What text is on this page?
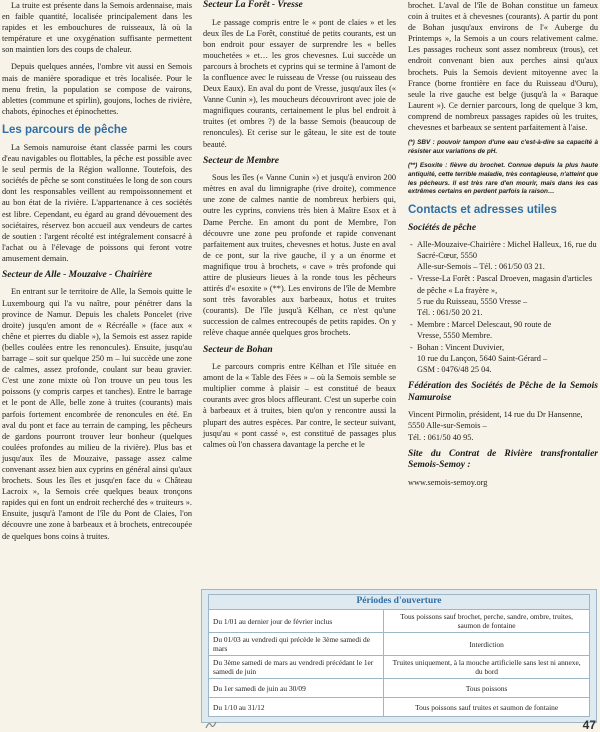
La truite est présente dans la Semois ardennaise, mais en faible quantité, localisée principalement dans les rapides et les embouchures de ruisseaux, là où la température et une oxygénation suffisante permettent son maintien lors des coups de chaleur.

Depuis quelques années, l'ombre vit aussi en Semois mais de manière sporadique et très localisée. Pour le menu fretin, la population se compose de vairons, ablettes (commune et spirlin), goujons, loches de rivière, chabots, épinoches et épinochettes.

Les parcours de pêche

La Semois namuroise étant classée parmi les cours d'eau navigables ou flottables, la pêche est possible avec le seul permis de la Région wallonne. Toutefois, des sociétés de pêche se sont constituées le long de son cours dont les responsables veillent au rempoissonnement et au bon état de la rivière. L'appartenance à ces sociétés est libre. Cependant, eu égard au grand dévouement des sociétaires, réservez bon accueil aux vendeurs de cartes de soutien : l'argent récolté est intégralement consacré à l'achat ou à l'élevage de poissons qui feront votre amusement demain.

Secteur de Alle - Mouzaive - Chairière

En entrant sur le territoire de Alle, la Semois quitte le Luxembourg qui l'a vu naître, pour pénétrer dans la province de Namur. Depuis les chalets Poncelet (rive droite) jusqu'en amont de « Récréalle » (face aux « chêne et pierres du diable »), la Semois est assez rapide (belles coulées entre les renoncules). Ensuite, jusqu'au barrage – soit sur quelque 250 m – lui succède une zone de calmes, assez profonde, coulant sur beau gravier. C'est une zone mixte où l'on trouve un peu tous les poissons (y compris carpes et tanches). Entre le barrage et le pont de Alle, belle zone à truites (courants) mais parfois fortement encombrée de renoncules en été. En aval du pont et face au terrain de camping, les pêcheurs de gardons pourront trouver leur bonheur (quelques coulées profondes au milieu de la rivière). Plus bas et jusqu'aux îles de Mouzaive, passage assez calme convenant assez bien aux cyprins en général ainsi qu'aux brochets. Sous les îles et jusqu'en face du « Château Lacroix », la Semois crée quelques beaux tronçons rapides qui en font un endroit recherché des « truiteurs ». Ensuite, jusqu'à l'amont de l'île du Pont de Claies, l'on découvre une zone à barbeaux et à brochets, entrecoupée de quelques bons coins à truites.

Secteur La Forêt - Vresse

Le passage compris entre le « pont de claies » et les deux îles de La Forêt, constitué de petits courants, est un bon endroit pour essayer de surprendre les « belles mouchetées » et… les gros chevesnes. Lui succède un parcours à brochets et cyprins qui se termine à l'amont de la confluence avec le ruisseau de Vresse (ou ruisseau des Deux Eaux). En aval du pont de Vresse, jusqu'aux îles (« Vanne Cunin »), les moucheurs découvriront avec joie de magnifiques courants, certainement le plus bel endroit à truites (et ombres ?) de la basse Semois (beaucoup de renoncules). Et cerise sur le gâteau, le site est de toute beauté.

Secteur de Membre

Sous les îles (« Vanne Cunin ») et jusqu'à environ 200 mètres en aval du limnigraphe (rive droite), commence une zone de calmes nantie de nombreux herbiers qui, outre les cyprins, conviens très bien à Maître Esox et à Dame Perche. En amont du pont de Membre, l'on découvre une zone peu profonde et rapide convenant parfaitement aux truites, chevesnes et hotus. Juste en aval de ce pont, sur la rive gauche, il y a un énorme et magnifique trou à brochets, « cave » très profonde qui attire de plusieurs lieues à la ronde tous les pêcheurs attirés d'« esoxite » (**). Les environs de l'île de Membre sont très favorables aux barbeaux, hotus et truites (courants). De l'île jusqu'à Kélhan, ce n'est qu'une succession de calmes entrecoupés de petits rapides. On y relève chaque année quelques gros brochets.

Secteur de Bohan

Le parcours compris entre Kélhan et l'île située en amont de la « Table des Fées » – où la Semois semble se multiplier comme à plaisir – est constitué de beaux courants avec gros blocs affleurant. C'est un superbe coin à barbeaux et à truites, bien qu'on y rencontre aussi la plupart des autres espèces. Par contre, le secteur suivant, jusqu'au « pont cassé », est constitué de passages plus calmes où l'on chassera davantage la perche et le

brochet. L'aval de l'île de Bohan constitue un fameux coin à truites et à chevesnes (courants). A partir du pont de Bohan jusqu'aux environs de l'« Auberge du Printemps », la Semois a un cours relativement calme. Les passages rocheux sont assez nombreux (trous), cet endroit convenant bien aux perches ainsi qu'aux brochets. Puis la Semois devient mitoyenne avec la France (borne frontière en face du Ruisseau d'Ouru), seule la rive gauche est belge (jusqu'à la « Baraque Laurent »). Ce dernier parcours, long de quelque 3 km, comprend de nombreux passages rapides où les truites, chevesnes et barbeaux se sentent parfaitement à l'aise.

(*) SBV : pouvoir tampon d'une eau c'est-à-dire sa capacité à résister aux variations de pH.

(**) Esoxite : fièvre du brochet. Connue depuis la plus haute antiquité, cette terrible maladie, très contagieuse, n'atteint que les pêcheurs. Il est très rare d'en mourir, mais dans les cas extrêmes certains en perdent parfois la raison…

Contacts et adresses utiles
Sociétés de pêche
- Alle-Mouzaive-Chairière : Michel Halleux, 16, rue du Sacré-Cœur, 5550
Alle-sur-Semois – Tél. : 061/50 03 21.
- Vresse-La Forêt : Pascal Droeven, magasin d'articles de pêche « La frayère »,
5 rue du Ruisseau, 5550 Vresse –
Tél. : 061/50 20 21.
- Membre : Marcel Delescaut, 90 route de
Vresse, 5550 Membre.
- Bohan : Vincent Duvivier,
10 rue du Lançon, 5640 Saint-Gérard –
GSM : 0476/48 25 04.
Fédération des Sociétés de Pêche de la Semois Namuroise

Vincent Pirmolin, président, 14 rue du Dr Hansenne, 5550 Alle-sur-Semois –

Tél. : 061/50 40 95.

Site du Contrat de Rivière transfrontalier Semois-Semoy :

www.semois-semoy.org

Périodes d'ouverture	
Du 1/01 au dernier jour de février inclus	Tous poissons sauf brochet, perche, sandre, ombre, truites, saumon de fontaine
Du 01/03 au vendredi qui précède le 3ème samedi de mars	Interdiction
Du 3ème samedi de mars au vendredi précédant le 1er samedi de juin	Truites uniquement, à la mouche artificielle sans lest ni annexe, du bord
Du 1er samedi de juin au 30/09	Tous poissons
Du 1/10 au 31/12	Tous poissons sauf truites et saumon de fontaine
47
